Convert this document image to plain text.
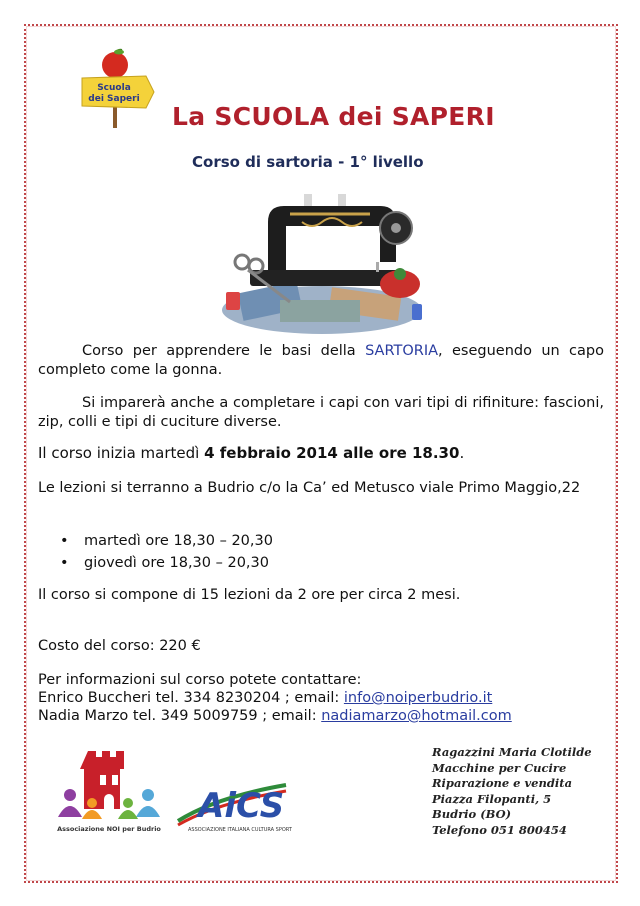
Scuola
dei Saperi
La SCUOLA dei SAPERI
Corso di sartoria - 1° livello
Corso per apprendere le basi della SARTORIA, eseguendo un capo completo come la gonna.
Si imparerà anche a completare i capi con vari tipi di rifiniture: fascioni, zip, colli e tipi di cuciture diverse.
Il corso inizia martedì 4 febbraio 2014 alle ore 18.30.
Le lezioni si terranno a Budrio c/o la Ca’ ed Metusco viale Primo Maggio,22
• martedì ore 18,30 – 20,30
• giovedì ore 18,30 – 20,30
Il corso si compone di 15 lezioni da 2 ore per circa 2 mesi.
Costo del corso: 220 €
Per informazioni sul corso potete contattare:
Enrico Buccheri tel. 334 8230204 ; email: info@noiperbudrio.it
Nadia Marzo tel. 349 5009759 ; email: nadiamarzo@hotmail.com
Associazione NOI per Budrio
AiCS
ASSOCIAZIONE ITALIANA CULTURA SPORT
Ragazzini Maria Clotilde
Macchine per Cucire
Riparazione e vendita
Piazza Filopanti, 5
Budrio (BO)
Telefono 051 800454
